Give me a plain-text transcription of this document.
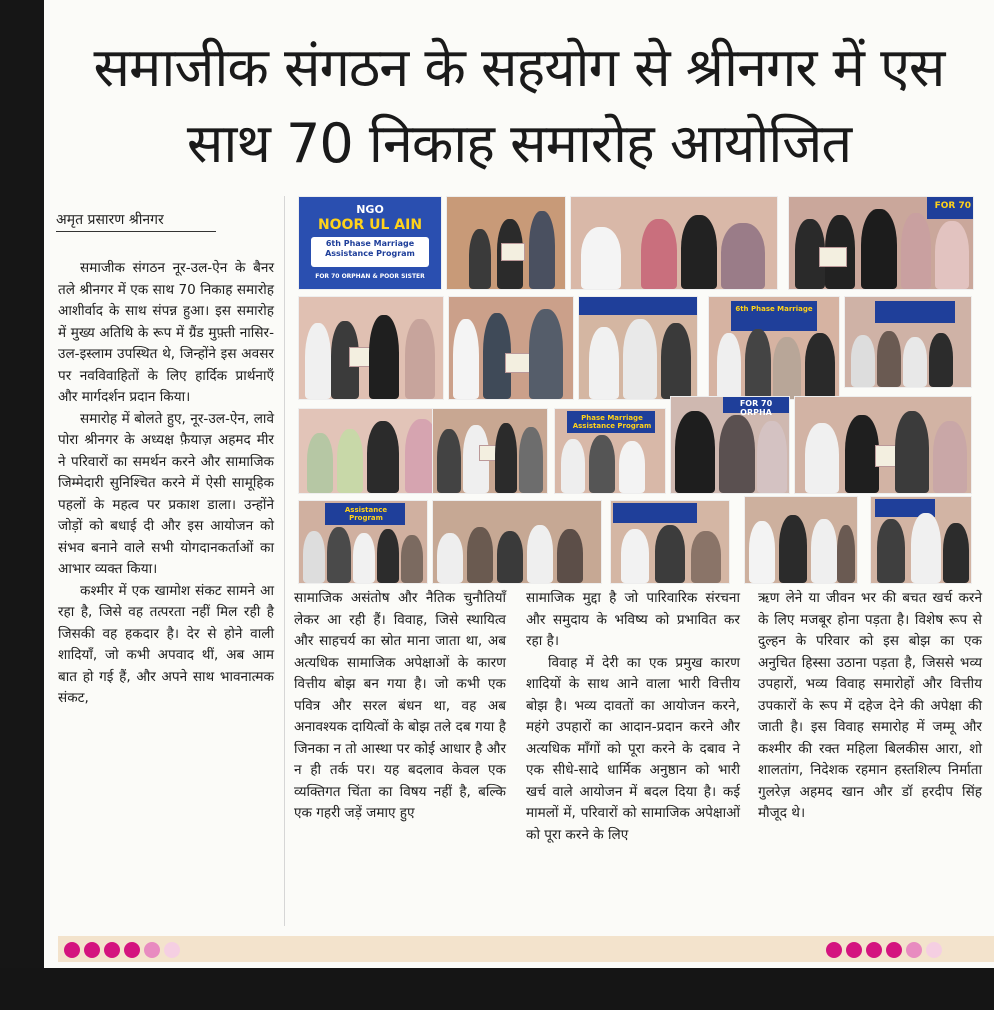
समाजीक संगठन के सहयोग से श्रीनगर में एस
साथ 70 निकाह समारोह आयोजित
अमृत प्रसारण श्रीनगर

समाजीक संगठन नूर-उल-ऐन के बैनर तले श्रीनगर में एक साथ 70 निकाह समारोह आशीर्वाद के साथ संपन्न हुआ। इस समारोह में मुख्य अतिथि के रूप में ग्रैंड मुफ़्ती नासिर-उल-इस्लाम उपस्थित थे, जिन्होंने इस अवसर पर नवविवाहितों के लिए हार्दिक प्रार्थनाएँ और मार्गदर्शन प्रदान किया।

समारोह में बोलते हुए, नूर-उल-ऐन, लावे पोरा श्रीनगर के अध्यक्ष फ़ैयाज़ अहमद मीर ने परिवारों का समर्थन करने और सामाजिक जिम्मेदारी सुनिश्चित करने में ऐसी सामूहिक पहलों के महत्व पर प्रकाश डाला। उन्होंने जोड़ों को बधाई दी और इस आयोजन को संभव बनाने वाले सभी योगदानकर्ताओं का आभार व्यक्त किया।

कश्मीर में एक खामोश संकट सामने आ रहा है, जिसे वह तत्परता नहीं मिल रही है जिसकी वह हकदार है। देर से होने वाली शादियाँ, जो कभी अपवाद थीं, अब आम बात हो गई हैं, और अपने साथ भावनात्मक संकट,

NGO
NOOR UL AIN
6th Phase Marriage Assistance Program
FOR 70 ORPHAN & POOR SISTER
FOR 70
6th Phase Marriage
Phase Marriage Assistance Program
FOR 70 ORPHA
Assistance Program

सामाजिक असंतोष और नैतिक चुनौतियाँ लेकर आ रही हैं। विवाह, जिसे स्थायित्व और साहचर्य का स्रोत माना जाता था, अब अत्यधिक सामाजिक अपेक्षाओं के कारण वित्तीय बोझ बन गया है। जो कभी एक पवित्र और सरल बंधन था, वह अब अनावश्यक दायित्वों के बोझ तले दब गया है जिनका न तो आस्था पर कोई आधार है और न ही तर्क पर। यह बदलाव केवल एक व्यक्तिगत चिंता का विषय नहीं है, बल्कि एक गहरी जड़ें जमाए हुए

सामाजिक मुद्दा है जो पारिवारिक संरचना और समुदाय के भविष्य को प्रभावित कर रहा है।

विवाह में देरी का एक प्रमुख कारण शादियों के साथ आने वाला भारी वित्तीय बोझ है। भव्य दावतों का आयोजन करने, महंगे उपहारों का आदान-प्रदान करने और अत्यधिक माँगों को पूरा करने के दबाव ने एक सीधे-सादे धार्मिक अनुष्ठान को भारी खर्च वाले आयोजन में बदल दिया है। कई मामलों में, परिवारों को सामाजिक अपेक्षाओं को पूरा करने के लिए

ऋण लेने या जीवन भर की बचत खर्च करने के लिए मजबूर होना पड़ता है। विशेष रूप से दुल्हन के परिवार को इस बोझ का एक अनुचित हिस्सा उठाना पड़ता है, जिससे भव्य उपहारों, भव्य विवाह समारोहों और वित्तीय उपकारों के रूप में दहेज देने की अपेक्षा की जाती है। इस विवाह समारोह में जम्मू और कश्मीर की रक्त महिला बिलकीस आरा, शो शालतांग, निदेशक रहमान हस्तशिल्प निर्माता गुलरेज़ अहमद खान और डॉ हरदीप सिंह मौजूद थे।
